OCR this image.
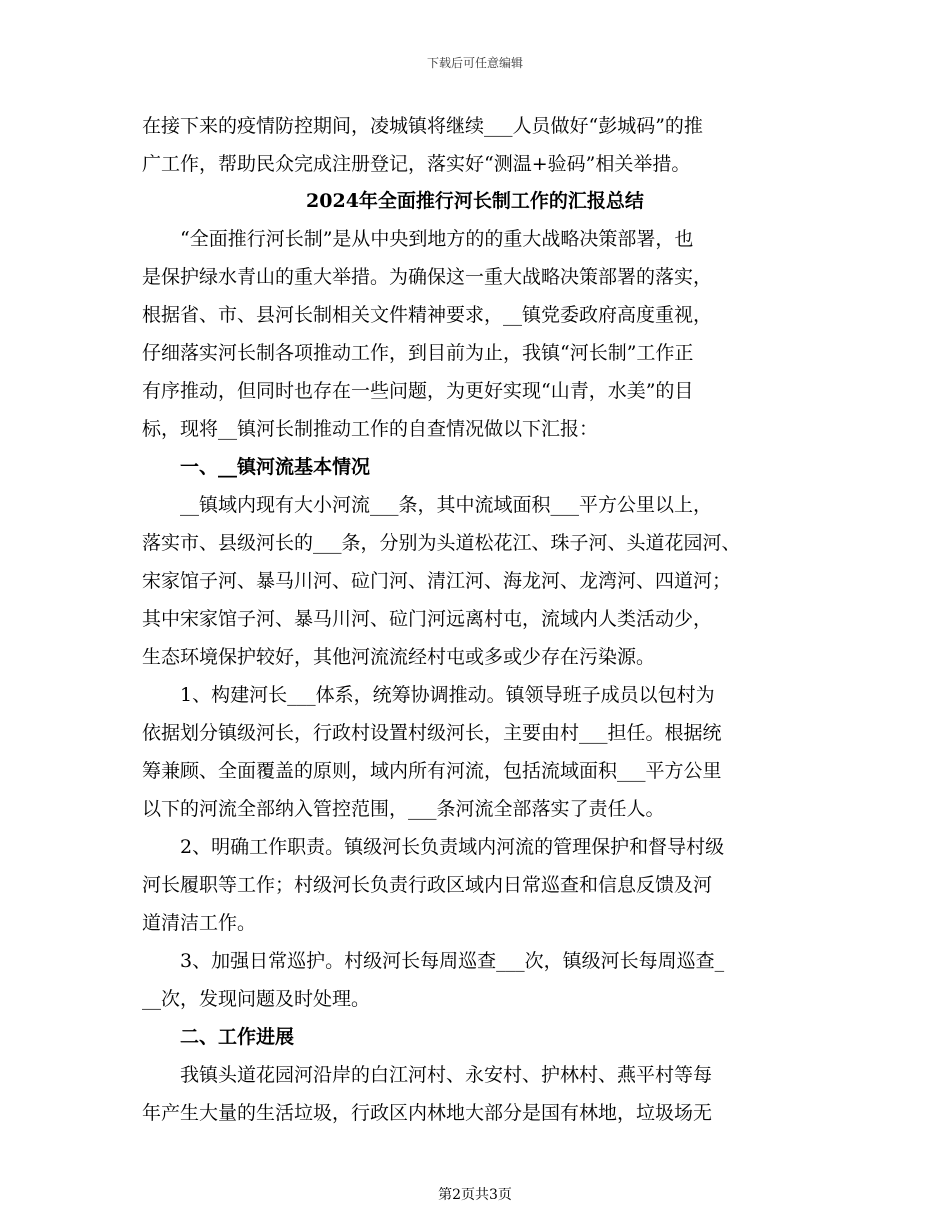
下载后可任意编辑
在接下来的疫情防控期间，凌城镇将继续___人员做好“彭城码”的推
广工作，帮助民众完成注册登记，落实好“测温+验码”相关举措。
2024年全面推行河长制工作的汇报总结
“全面推行河长制”是从中央到地方的的重大战略决策部署，也
是保护绿水青山的重大举措。为确保这一重大战略决策部署的落实，
根据省、市、县河长制相关文件精神要求，__镇党委政府高度重视，
仔细落实河长制各项推动工作，到目前为止，我镇“河长制”工作正
有序推动，但同时也存在一些问题，为更好实现“山青，水美”的目
标，现将__镇河长制推动工作的自查情况做以下汇报：
一、__镇河流基本情况
__镇域内现有大小河流___条，其中流域面积___平方公里以上，
落实市、县级河长的___条，分别为头道松花江、珠子河、头道花园河、
宋家馆子河、暴马川河、砬门河、清江河、海龙河、龙湾河、四道河；
其中宋家馆子河、暴马川河、砬门河远离村屯，流域内人类活动少，
生态环境保护较好，其他河流流经村屯或多或少存在污染源。
1、构建河长___体系，统筹协调推动。镇领导班子成员以包村为
依据划分镇级河长，行政村设置村级河长，主要由村___担任。根据统
筹兼顾、全面覆盖的原则，域内所有河流，包括流域面积___平方公里
以下的河流全部纳入管控范围，___条河流全部落实了责任人。
2、明确工作职责。镇级河长负责域内河流的管理保护和督导村级
河长履职等工作；村级河长负责行政区域内日常巡查和信息反馈及河
道清洁工作。
3、加强日常巡护。村级河长每周巡查___次，镇级河长每周巡查_
__次，发现问题及时处理。
二、工作进展
我镇头道花园河沿岸的白江河村、永安村、护林村、燕平村等每
年产生大量的生活垃圾，行政区内林地大部分是国有林地，垃圾场无
第2页共3页
